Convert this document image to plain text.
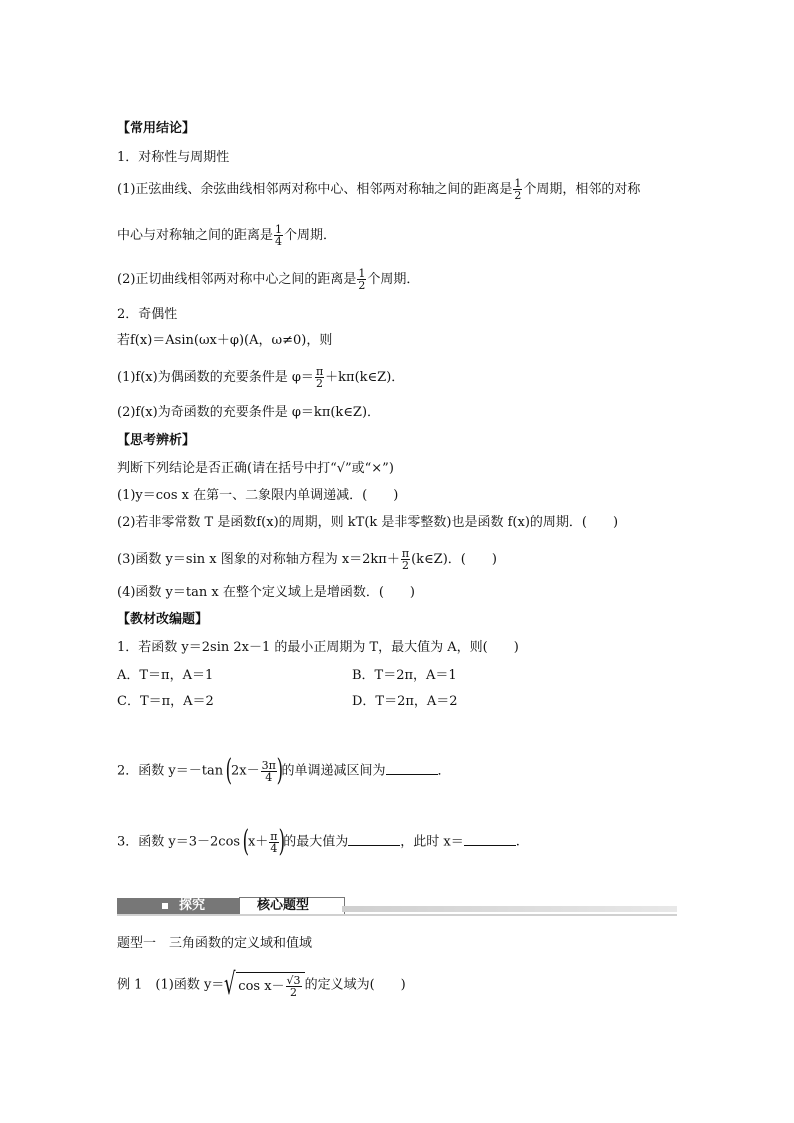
【常用结论】
1．对称性与周期性
(1)正弦曲线、余弦曲线相邻两对称中心、相邻两对称轴之间的距离是 $\frac{1}{2}$ 个周期，相邻的对称
中心与对称轴之间的距离是 $\frac{1}{4}$ 个周期．
(2)正切曲线相邻两对称中心之间的距离是 $\frac{1}{2}$ 个周期．
2．奇偶性
若f(x)＝Asin(ωx＋φ)(A，ω≠0)，则
(1)f(x)为偶函数的充要条件是 $\varphi= \frac{\pi}{2}$ ＋kπ(k∈Z)．
(2)f(x)为奇函数的充要条件是 φ＝kπ(k∈Z)．
【思考辨析】
判断下列结论是否正确(请在括号中打“√”或“×”)
(1)y＝cos x 在第一、二象限内单调递减．(　　)
(2)若非零常数 T 是函数f(x)的周期，则 kT(k 是非零整数)也是函数 f(x)的周期．(　　)
(3)函数 y＝sin x 图象的对称轴方程为 $x=2k\pi+ \frac{\pi}{2}$ (k∈Z)．(　　)
(4)函数 y＝tan x 在整个定义域上是增函数．(　　)
【教材改编题】
1．若函数 y＝2sin 2x－1 的最小正周期为 T，最大值为 A，则(　　)
A．T＝π，A＝1	B．T＝2π，A＝1
C．T＝π，A＝2	D．T＝2π，A＝2
2．函数 y＝－tan ($2x- \frac{3\pi}{4}$ )的单调递减区间为	．
3．函数 y＝3－2cos ($x+ \frac{\pi}{4}$ )的最大值为	，此时 x＝	.
探究	核心题型
题型一　三角函数的定义域和值域
例 1　(1)函数 y＝ √ $\cos x- \frac{√3}{2}$ 的定义域为(　　)
